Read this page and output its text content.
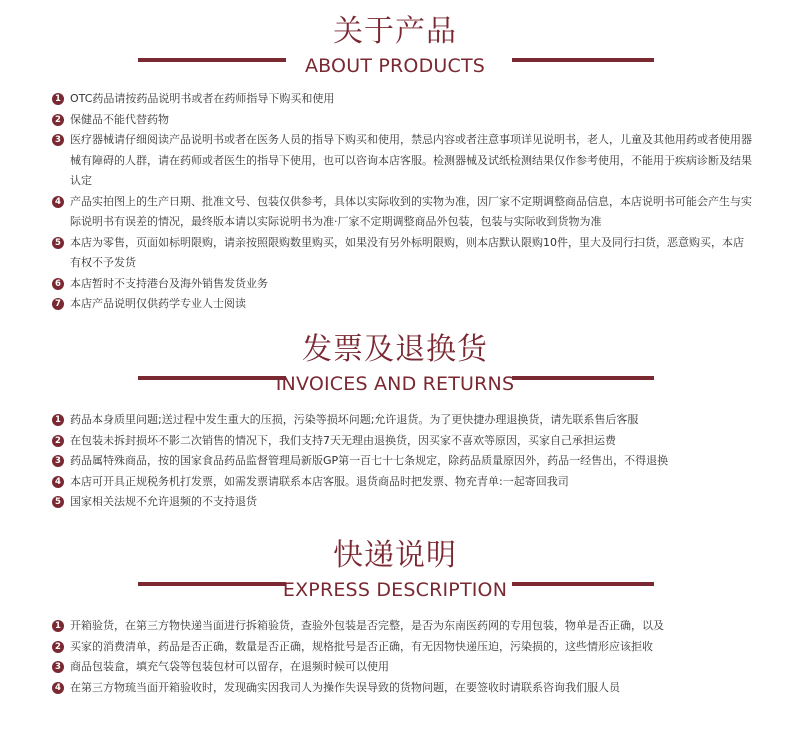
关于产品
ABOUT PRODUCTS
1 OTC药品请按药品说明书或者在药师指导下购买和使用
2 保健品不能代替药物
3 医疗器械请仔细阅读产品说明书或者在医务人员的指导下购买和使用，禁忌内容或者注意事项详见说明书，老人，儿童及其他用药或者使用器械有障碍的人群，请在药师或者医生的指导下使用，也可以咨询本店客服。检测器械及试纸检测结果仅作参考使用，不能用于疾病诊断及结果认定
4 产品实拍图上的生产日期、批准文号、包装仅供参考，具体以实际收到的实物为准，因厂家不定期调整商品信息，本店说明书可能会产生与实际说明书有误差的情况，最终版本请以实际说明书为准·厂家不定期调整商品外包装，包装与实际收到货物为准
5 本店为零售，页面如标明限购，请亲按照限购数里购买，如果没有另外标明限购，则本店默认限购10件，里大及同行扫货，恶意购买，本店有权不予发货
6 本店暂时不支持港台及海外销售发货业务
7 本店产品说明仅供药学专业人士阅读
发票及退换货
INVOICES AND RETURNS
1 药品本身质里问题;送过程中发生重大的压损，污染等损坏问题;允许退货。为了更快捷办理退换货，请先联系售后客服
2 在包装未拆封损坏不影二次销售的情况下，我们支持7天无理由退换货，因买家不喜欢等原因，买家自己承担运费
3 药品属特殊商品，按的国家食品药品监督管理局新版GP第一百七十七条规定，除药品质量原因外，药品一经售出，不得退换
4 本店可开具正规税务机打发票，如需发票请联系本店客服。退货商品时把发票、物充青单:一起寄回我司
5 国家相关法规不允许退频的不支持退货
快递说明
EXPRESS DESCRIPTION
1 开箱验货，在第三方物快递当面进行拆箱验货，查验外包装是否完整，是否为东南医药网的专用包装，物单是否正确，以及
2 买家的消费清单，药品是否正确，数量是否正确，规格批号是否正确，有无因物快递压迫，污染损的，这些情形应该拒收
3 商品包装盒，填充气袋等包装包材可以留存，在退频时候可以使用
4 在第三方物琉当面开箱验收时，发现确实因我司人为操作失误导致的货物问题，在要签收时请联系咨询我们服人员
